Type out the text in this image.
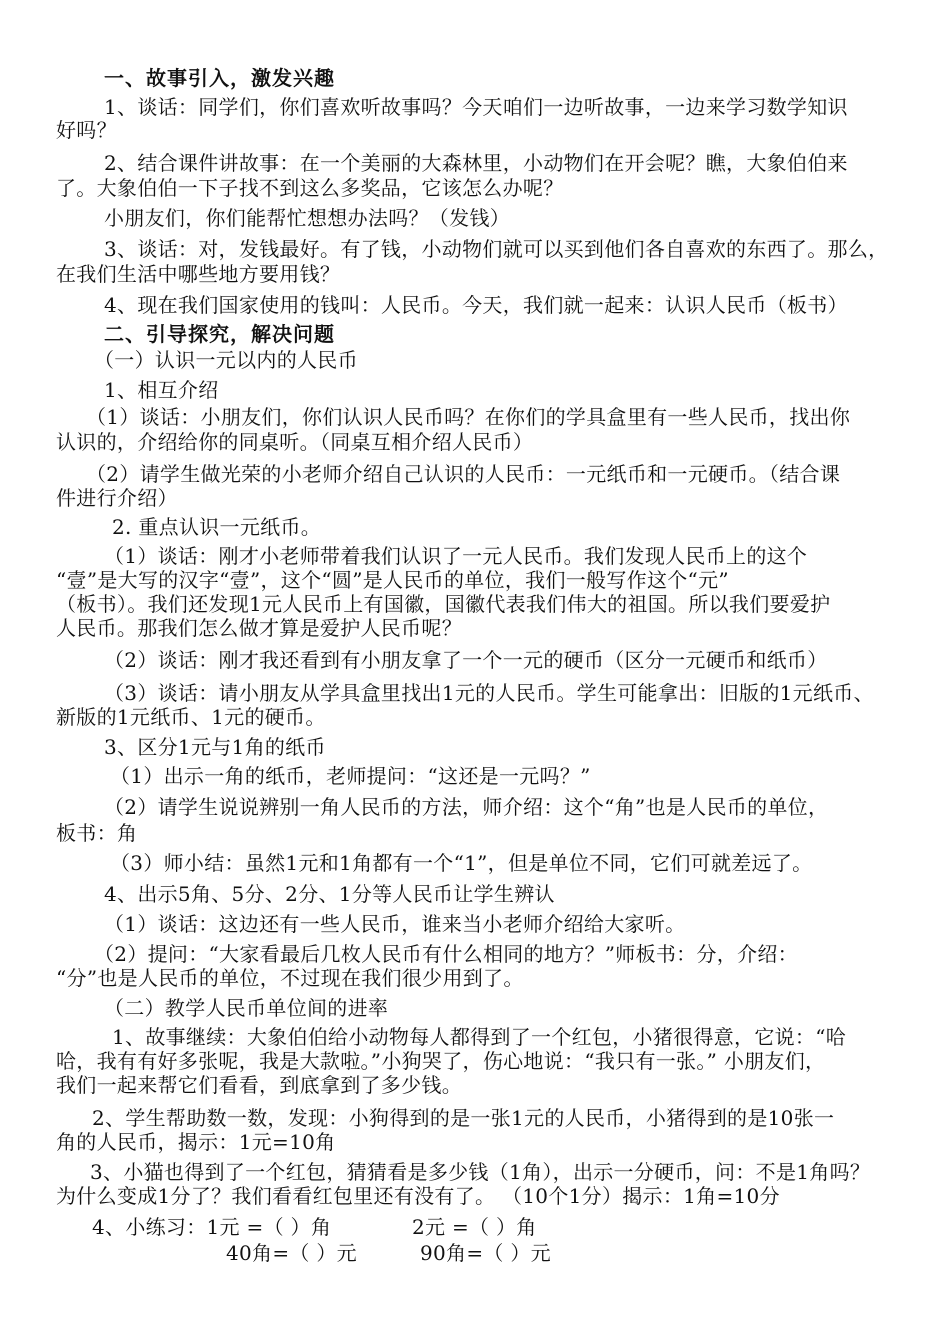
一、故事引入，激发兴趣
1、谈话：同学们，你们喜欢听故事吗？今天咱们一边听故事，一边来学习数学知识
好吗？
2、结合课件讲故事：在一个美丽的大森林里，小动物们在开会呢？瞧，大象伯伯来
了。大象伯伯一下子找不到这么多奖品，它该怎么办呢？
小朋友们，你们能帮忙想想办法吗？（发钱）
3、谈话：对，发钱最好。有了钱，小动物们就可以买到他们各自喜欢的东西了。那么，
在我们生活中哪些地方要用钱？
4、现在我们国家使用的钱叫：人民币。今天，我们就一起来：认识人民币（板书）
二、引导探究，解决问题
（一）认识一元以内的人民币
1、相互介绍
（1）谈话：小朋友们，你们认识人民币吗？在你们的学具盒里有一些人民币，找出你
认识的，介绍给你的同桌听。（同桌互相介绍人民币）
（2）请学生做光荣的小老师介绍自己认识的人民币：一元纸币和一元硬币。（结合课
件进行介绍）
2. 重点认识一元纸币。
（1）谈话：刚才小老师带着我们认识了一元人民币。我们发现人民币上的这个
“壹”是大写的汉字“壹”，这个“圆”是人民币的单位，我们一般写作这个“元”
（板书）。我们还发现1元人民币上有国徽，国徽代表我们伟大的祖国。所以我们要爱护
人民币。那我们怎么做才算是爱护人民币呢？
（2）谈话：刚才我还看到有小朋友拿了一个一元的硬币（区分一元硬币和纸币）
（3）谈话：请小朋友从学具盒里找出1元的人民币。学生可能拿出：旧版的1元纸币、
新版的1元纸币、1元的硬币。
3、区分1元与1角的纸币
（1）出示一角的纸币，老师提问：“这还是一元吗？”
（2）请学生说说辨别一角人民币的方法，师介绍：这个“角”也是人民币的单位，
板书：角
（3）师小结：虽然1元和1角都有一个“1”，但是单位不同，它们可就差远了。
4、出示5角、5分、2分、1分等人民币让学生辨认
（1）谈话：这边还有一些人民币，谁来当小老师介绍给大家听。
（2）提问：“大家看最后几枚人民币有什么相同的地方？”师板书：分，介绍：
“分”也是人民币的单位，不过现在我们很少用到了。
（二）教学人民币单位间的进率
1、故事继续：大象伯伯给小动物每人都得到了一个红包，小猪很得意，它说：“哈
哈，我有有好多张呢，我是大款啦。”小狗哭了，伤心地说：“我只有一张。” 小朋友们，
我们一起来帮它们看看，到底拿到了多少钱。
2、学生帮助数一数，发现：小狗得到的是一张1元的人民币，小猪得到的是10张一
角的人民币，揭示：1元=10角
3、小猫也得到了一个红包，猜猜看是多少钱（1角），出示一分硬币，问：不是1角吗？
为什么变成1分了？我们看看红包里还有没有了。 （10个1分）揭示：1角=10分
4、小练习：1元 =（ ）角	2元 =（ ）角
40角=（ ）元	90角=（ ）元
